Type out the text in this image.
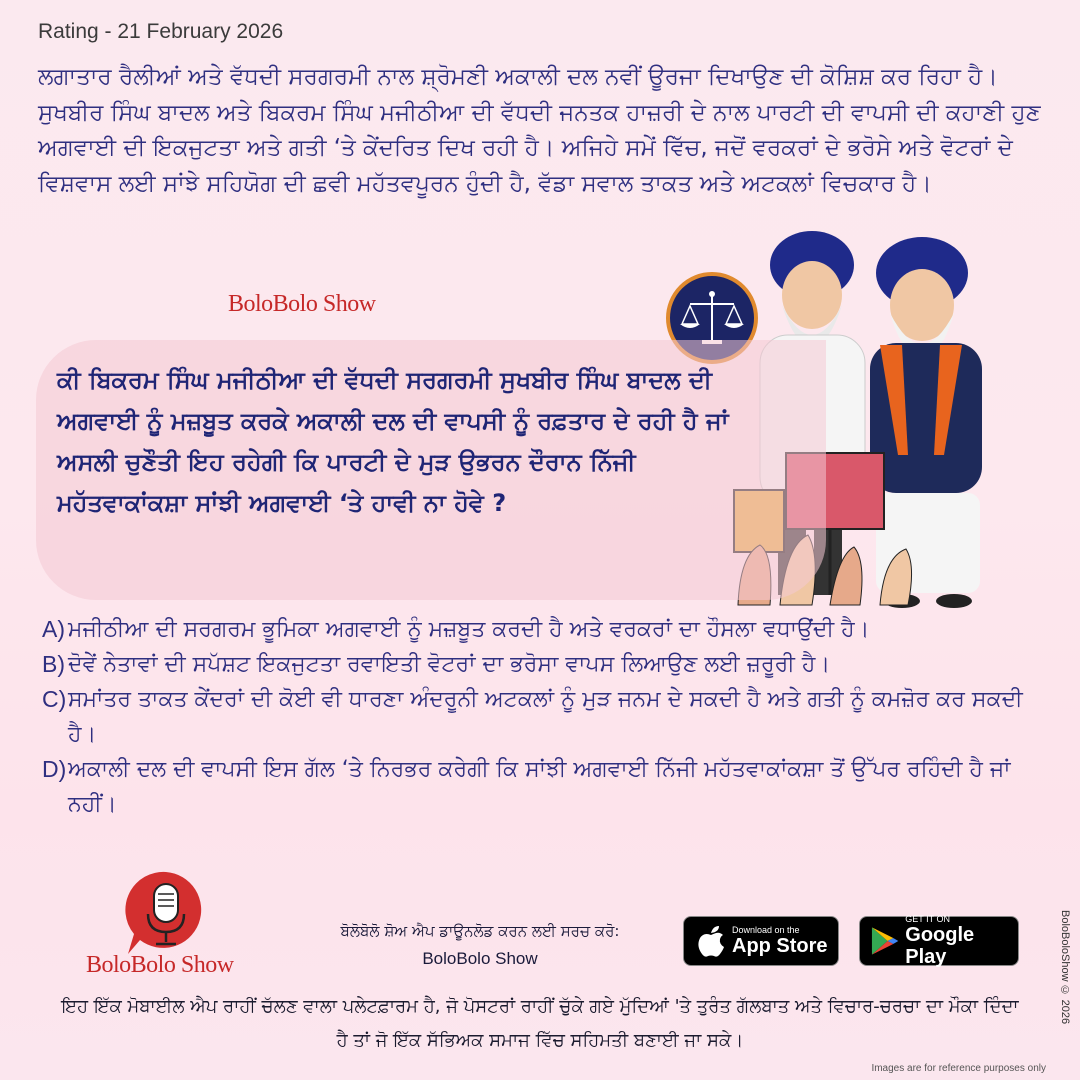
Rating - 21 February 2026
ਲਗਾਤਾਰ ਰੈਲੀਆਂ ਅਤੇ ਵੱਧਦੀ ਸਰਗਰਮੀ ਨਾਲ ਸ਼੍ਰੋਮਣੀ ਅਕਾਲੀ ਦਲ ਨਵੀਂ ਊਰਜਾ ਦਿਖਾਉਣ ਦੀ ਕੋਸ਼ਿਸ਼ ਕਰ ਰਿਹਾ ਹੈ। ਸੁਖਬੀਰ ਸਿੰਘ ਬਾਦਲ ਅਤੇ ਬਿਕਰਮ ਸਿੰਘ ਮਜੀਠੀਆ ਦੀ ਵੱਧਦੀ ਜਨਤਕ ਹਾਜ਼ਰੀ ਦੇ ਨਾਲ ਪਾਰਟੀ ਦੀ ਵਾਪਸੀ ਦੀ ਕਹਾਣੀ ਹੁਣ ਅਗਵਾਈ ਦੀ ਇਕਜੁਟਤਾ ਅਤੇ ਗਤੀ ‘ਤੇ ਕੇਂਦਰਿਤ ਦਿਖ ਰਹੀ ਹੈ। ਅਜਿਹੇ ਸਮੇਂ ਵਿੱਚ, ਜਦੋਂ ਵਰਕਰਾਂ ਦੇ ਭਰੋਸੇ ਅਤੇ ਵੋਟਰਾਂ ਦੇ ਵਿਸ਼ਵਾਸ ਲਈ ਸਾਂਝੇ ਸਹਿਯੋਗ ਦੀ ਛਵੀ ਮਹੱਤਵਪੂਰਨ ਹੁੰਦੀ ਹੈ, ਵੱਡਾ ਸਵਾਲ ਤਾਕਤ ਅਤੇ ਅਟਕਲਾਂ ਵਿਚਕਾਰ ਹੈ।
BoloBolo Show
ਕੀ ਬਿਕਰਮ ਸਿੰਘ ਮਜੀਠੀਆ ਦੀ ਵੱਧਦੀ ਸਰਗਰਮੀ ਸੁਖਬੀਰ ਸਿੰਘ ਬਾਦਲ ਦੀ ਅਗਵਾਈ ਨੂੰ ਮਜ਼ਬੂਤ ਕਰਕੇ ਅਕਾਲੀ ਦਲ ਦੀ ਵਾਪਸੀ ਨੂੰ ਰਫ਼ਤਾਰ ਦੇ ਰਹੀ ਹੈ ਜਾਂ ਅਸਲੀ ਚੁਣੌਤੀ ਇਹ ਰਹੇਗੀ ਕਿ ਪਾਰਟੀ ਦੇ ਮੁੜ ਉਭਰਨ ਦੌਰਾਨ ਨਿੱਜੀ ਮਹੱਤਵਾਕਾਂਕਸ਼ਾ ਸਾਂਝੀ ਅਗਵਾਈ ‘ਤੇ ਹਾਵੀ ਨਾ ਹੋਵੇ ?
A) ਮਜੀਠੀਆ ਦੀ ਸਰਗਰਮ ਭੂਮਿਕਾ ਅਗਵਾਈ ਨੂੰ ਮਜ਼ਬੂਤ ਕਰਦੀ ਹੈ ਅਤੇ ਵਰਕਰਾਂ ਦਾ ਹੌਸਲਾ ਵਧਾਉਂਦੀ ਹੈ।
B) ਦੋਵੇਂ ਨੇਤਾਵਾਂ ਦੀ ਸਪੱਸ਼ਟ ਇਕਜੁਟਤਾ ਰਵਾਇਤੀ ਵੋਟਰਾਂ ਦਾ ਭਰੋਸਾ ਵਾਪਸ ਲਿਆਉਣ ਲਈ ਜ਼ਰੂਰੀ ਹੈ।
C) ਸਮਾਂਤਰ ਤਾਕਤ ਕੇਂਦਰਾਂ ਦੀ ਕੋਈ ਵੀ ਧਾਰਣਾ ਅੰਦਰੂਨੀ ਅਟਕਲਾਂ ਨੂੰ ਮੁੜ ਜਨਮ ਦੇ ਸਕਦੀ ਹੈ ਅਤੇ ਗਤੀ ਨੂੰ ਕਮਜ਼ੋਰ ਕਰ ਸਕਦੀ ਹੈ।
D) ਅਕਾਲੀ ਦਲ ਦੀ ਵਾਪਸੀ ਇਸ ਗੱਲ ‘ਤੇ ਨਿਰਭਰ ਕਰੇਗੀ ਕਿ ਸਾਂਝੀ ਅਗਵਾਈ ਨਿੱਜੀ ਮਹੱਤਵਾਕਾਂਕਸ਼ਾ ਤੋਂ ਉੱਪਰ ਰਹਿੰਦੀ ਹੈ ਜਾਂ ਨਹੀਂ।
BoloBolo Show
ਬੋਲੋਬੋਲੋ ਸ਼ੋਅ ਐਪ ਡਾਊਨਲੋਡ ਕਰਨ ਲਈ ਸਰਚ ਕਰੋ:
BoloBolo Show
Download on the
App Store
GET IT ON
Google Play
ਇਹ ਇੱਕ ਮੋਬਾਈਲ ਐਪ ਰਾਹੀਂ ਚੱਲਣ ਵਾਲਾ ਪਲੇਟਫ਼ਾਰਮ ਹੈ, ਜੋ ਪੋਸਟਰਾਂ ਰਾਹੀਂ ਚੁੱਕੇ ਗਏ ਮੁੱਦਿਆਂ 'ਤੇ ਤੁਰੰਤ ਗੱਲਬਾਤ ਅਤੇ ਵਿਚਾਰ-ਚਰਚਾ ਦਾ ਮੌਕਾ ਦਿੰਦਾ ਹੈ ਤਾਂ ਜੋ ਇੱਕ ਸੱਭਿਅਕ ਸਮਾਜ ਵਿੱਚ ਸਹਿਮਤੀ ਬਣਾਈ ਜਾ ਸਕੇ।
BoloBoloShow © 2026
Images are for reference purposes only
